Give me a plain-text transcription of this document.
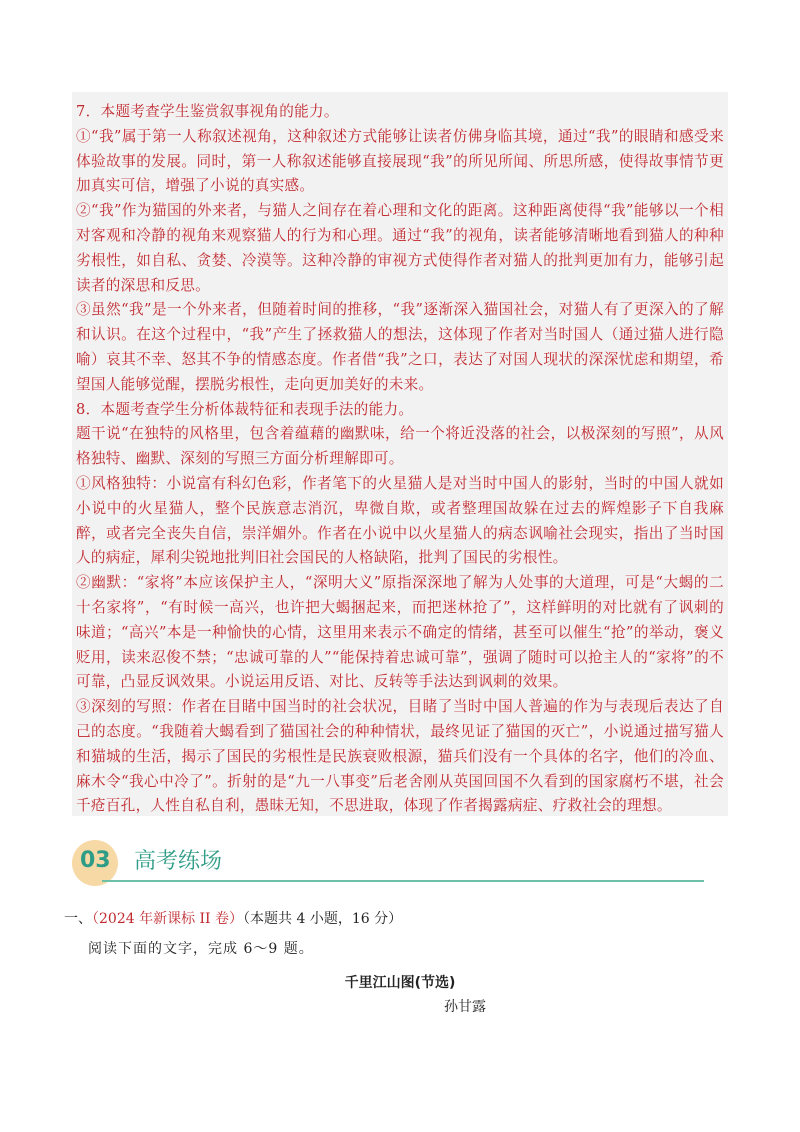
7．本题考查学生鉴赏叙事视角的能力。

①“我”属于第一人称叙述视角，这种叙述方式能够让读者仿佛身临其境，通过“我”的眼睛和感受来体验故事的发展。同时，第一人称叙述能够直接展现“我”的所见所闻、所思所感，使得故事情节更加真实可信，增强了小说的真实感。

②“我”作为猫国的外来者，与猫人之间存在着心理和文化的距离。这种距离使得“我”能够以一个相对客观和冷静的视角来观察猫人的行为和心理。通过“我”的视角，读者能够清晰地看到猫人的种种劣根性，如自私、贪婪、冷漠等。这种冷静的审视方式使得作者对猫人的批判更加有力，能够引起读者的深思和反思。

③虽然“我”是一个外来者，但随着时间的推移，“我”逐渐深入猫国社会，对猫人有了更深入的了解和认识。在这个过程中，“我”产生了拯救猫人的想法，这体现了作者对当时国人（通过猫人进行隐喻）哀其不幸、怒其不争的情感态度。作者借“我”之口，表达了对国人现状的深深忧虑和期望，希望国人能够觉醒，摆脱劣根性，走向更加美好的未来。

8．本题考查学生分析体裁特征和表现手法的能力。

题干说“在独特的风格里，包含着蕴藉的幽默味，给一个将近没落的社会，以极深刻的写照”，从风格独特、幽默、深刻的写照三方面分析理解即可。

①风格独特：小说富有科幻色彩，作者笔下的火星猫人是对当时中国人的影射，当时的中国人就如小说中的火星猫人，整个民族意志消沉，卑微自欺，或者整理国故躲在过去的辉煌影子下自我麻醉，或者完全丧失自信，崇洋媚外。作者在小说中以火星猫人的病态讽喻社会现实，指出了当时国人的病症，犀利尖锐地批判旧社会国民的人格缺陷，批判了国民的劣根性。

②幽默：“家将”本应该保护主人，“深明大义”原指深深地了解为人处事的大道理，可是“大蝎的二十名家将”，“有时候一高兴，也许把大蝎捆起来，而把迷林抢了”，这样鲜明的对比就有了讽刺的味道；“高兴”本是一种愉快的心情，这里用来表示不确定的情绪，甚至可以催生“抢”的举动，褒义贬用，读来忍俊不禁；“忠诚可靠的人”“能保持着忠诚可靠”，强调了随时可以抢主人的“家将”的不可靠，凸显反讽效果。小说运用反语、对比、反转等手法达到讽刺的效果。

③深刻的写照：作者在目睹中国当时的社会状况，目睹了当时中国人普遍的作为与表现后表达了自己的态度。“我随着大蝎看到了猫国社会的种种情状，最终见证了猫国的灭亡”，小说通过描写猫人和猫城的生活，揭示了国民的劣根性是民族衰败根源，猫兵们没有一个具体的名字，他们的冷血、麻木令“我心中冷了”。折射的是“九一八事变”后老舍刚从英国回国不久看到的国家腐朽不堪，社会千疮百孔，人性自私自利，愚昧无知，不思进取，体现了作者揭露病症、疗救社会的理想。

03 高考练场
一、（2024 年新课标 II 卷）（本题共 4 小题，16 分）
阅读下面的文字，完成 6～9 题。
千里江山图(节选)
孙甘露
